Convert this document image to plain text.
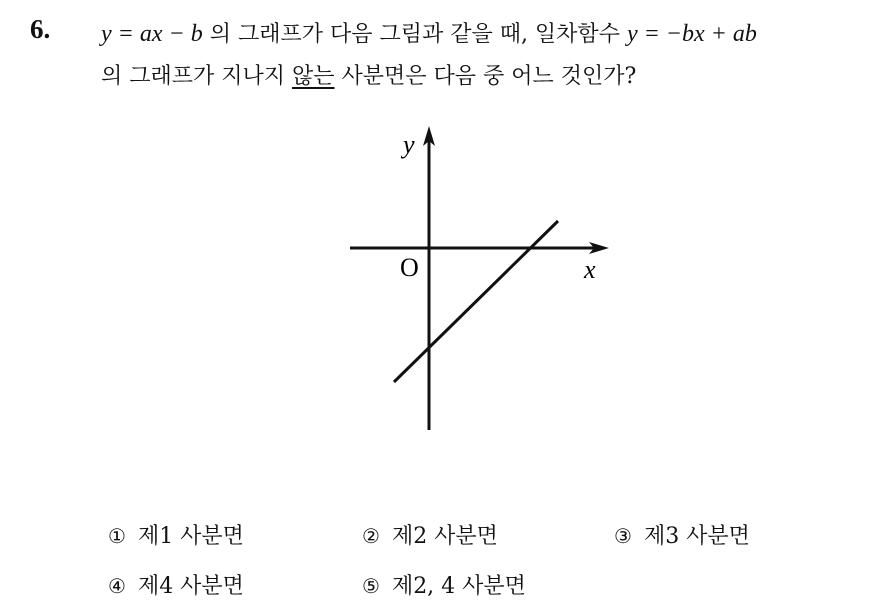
6. y = ax − b 의 그래프가 다음 그림과 같을 때, 일차함수 y = −bx + ab
의 그래프가 지나지 않는 사분면은 다음 중 어느 것인가?
y
x
O
① 제1 사분면	② 제2 사분면	③ 제3 사분면
④ 제4 사분면	⑤ 제2, 4 사분면
